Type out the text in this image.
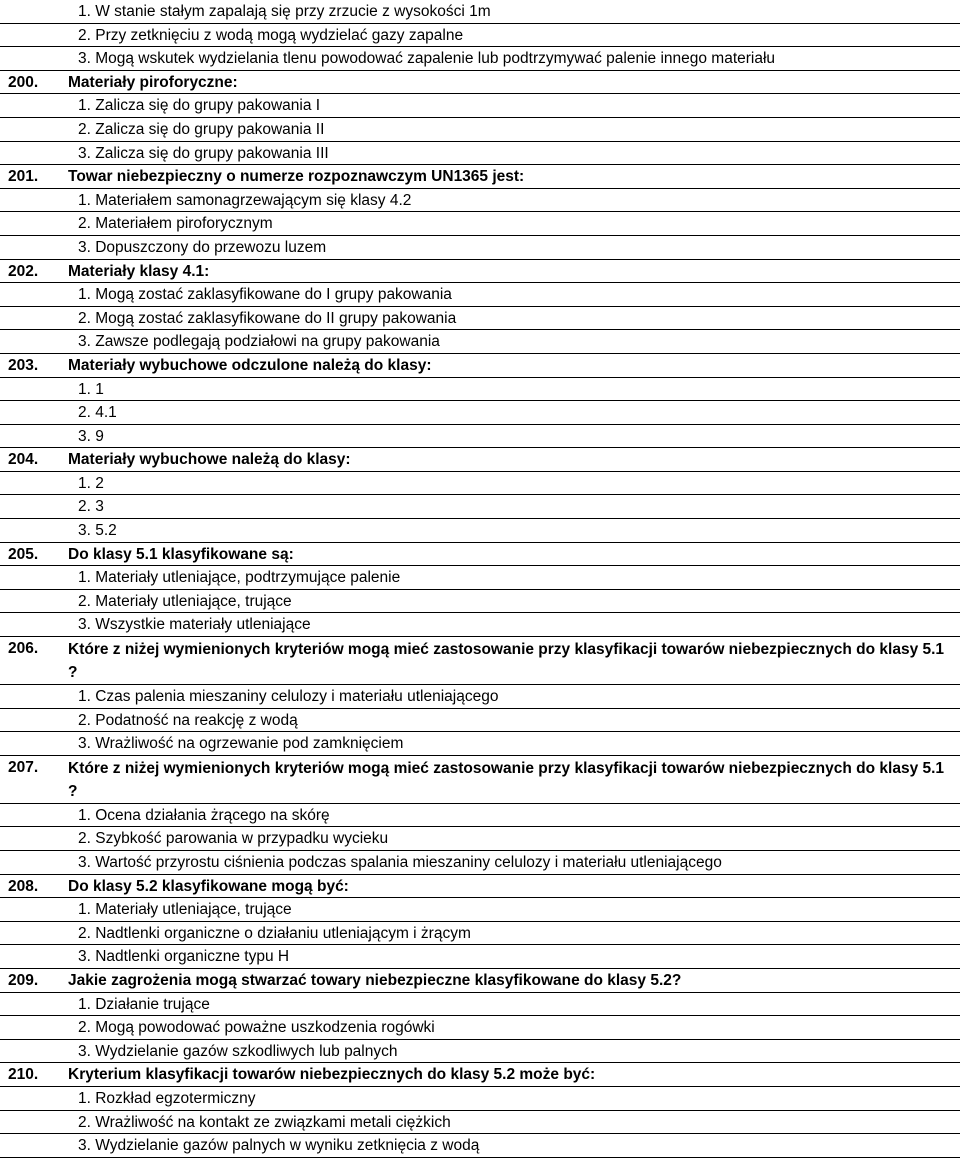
1. W stanie stałym zapalają się przy zrzucie z wysokości 1m
2. Przy zetknięciu z wodą mogą wydzielać gazy zapalne
3. Mogą wskutek wydzielania tlenu powodować zapalenie lub podtrzymywać palenie innego materiału
200.	Materiały piroforyczne:
1. Zalicza się do grupy pakowania I
2. Zalicza się do grupy pakowania II
3. Zalicza się do grupy pakowania III
201.	Towar niebezpieczny o numerze rozpoznawczym UN1365 jest:
1. Materiałem samonagrzewającym się klasy 4.2
2. Materiałem piroforycznym
3. Dopuszczony do przewozu luzem
202.	Materiały klasy 4.1:
1. Mogą zostać zaklasyfikowane do I grupy pakowania
2. Mogą zostać zaklasyfikowane do II grupy pakowania
3. Zawsze podlegają podziałowi na grupy pakowania
203.	Materiały wybuchowe odczulone należą do klasy:
1. 1
2. 4.1
3. 9
204.	Materiały wybuchowe należą do klasy:
1. 2
2. 3
3. 5.2
205.	Do klasy 5.1 klasyfikowane są:
1. Materiały utleniające, podtrzymujące palenie
2. Materiały utleniające, trujące
3. Wszystkie materiały utleniające
206.	Które z niżej wymienionych kryteriów mogą mieć zastosowanie przy klasyfikacji towarów niebezpiecznych do klasy 5.1 ?
1. Czas palenia mieszaniny celulozy i materiału utleniającego
2. Podatność na reakcję z wodą
3. Wrażliwość na ogrzewanie pod zamknięciem
207.	Które z niżej wymienionych kryteriów mogą mieć zastosowanie przy klasyfikacji towarów niebezpiecznych do klasy 5.1 ?
1. Ocena działania żrącego na skórę
2. Szybkość parowania w przypadku wycieku
3. Wartość przyrostu ciśnienia podczas spalania mieszaniny celulozy i materiału utleniającego
208.	Do klasy 5.2 klasyfikowane mogą być:
1. Materiały utleniające, trujące
2. Nadtlenki organiczne o działaniu utleniającym i żrącym
3. Nadtlenki organiczne typu H
209.	Jakie zagrożenia mogą stwarzać towary niebezpieczne klasyfikowane do klasy 5.2?
1. Działanie trujące
2. Mogą powodować poważne uszkodzenia rogówki
3. Wydzielanie gazów szkodliwych lub palnych
210.	Kryterium klasyfikacji towarów niebezpiecznych do klasy 5.2 może być:
1. Rozkład egzotermiczny
2. Wrażliwość na kontakt ze związkami metali ciężkich
3. Wydzielanie gazów palnych w wyniku zetknięcia z wodą
